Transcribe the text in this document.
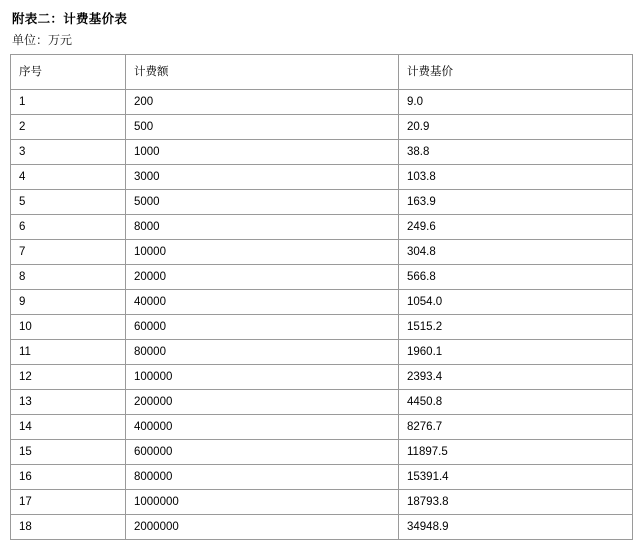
附表二：计费基价表
单位：万元
序号	计费额	计费基价
1	200	9.0
2	500	20.9
3	1000	38.8
4	3000	103.8
5	5000	163.9
6	8000	249.6
7	10000	304.8
8	20000	566.8
9	40000	1054.0
10	60000	1515.2
11	80000	1960.1
12	100000	2393.4
13	200000	4450.8
14	400000	8276.7
15	600000	11897.5
16	800000	15391.4
17	1000000	18793.8
18	2000000	34948.9
